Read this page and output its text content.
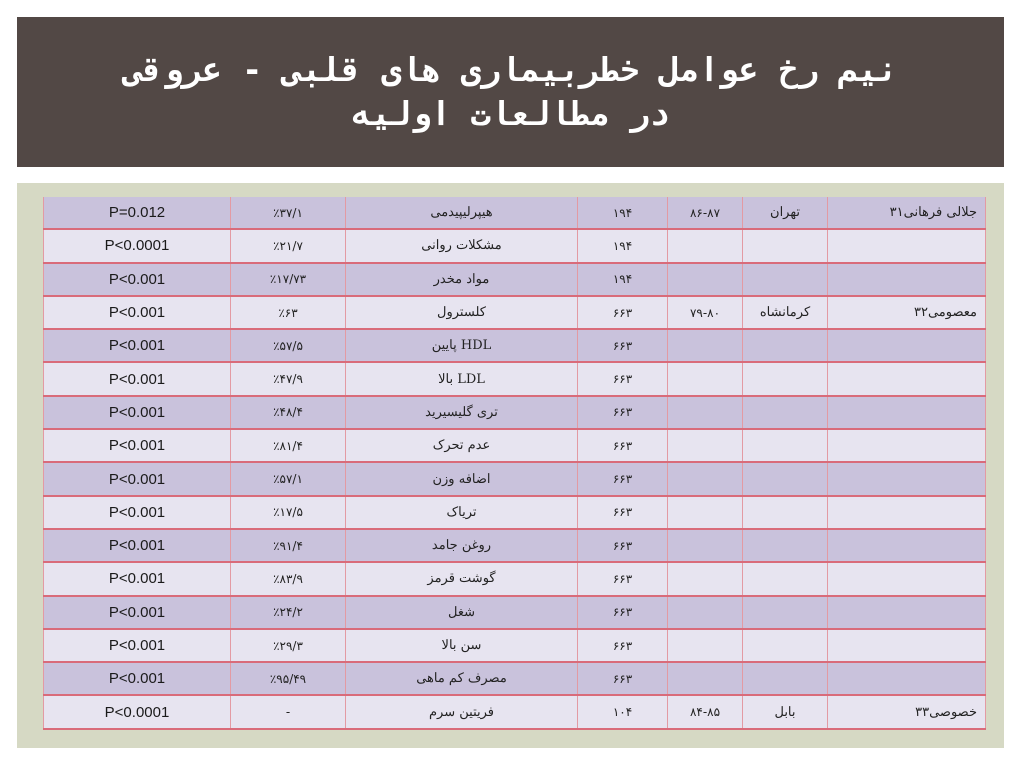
نیم رخ عوامل خطربیماری های قلبی - عروقی
در مطالعات اولیه
P=0.012	٪۳۷/۱	هیپرلیپیدمی	۱۹۴	۸۶-۸۷	تهران	جلالی فرهانی۳۱
P<0.0001	٪۲۱/۷	مشکلات روانی	۱۹۴			
P<0.001	٪۱۷/۷۳	مواد مخدر	۱۹۴			
P<0.001	٪۶۳	کلسترول	۶۶۳	۷۹-۸۰	کرمانشاه	معصومی۳۲
P<0.001	٪۵۷/۵	HDL پایین	۶۶۳			
P<0.001	٪۴۷/۹	LDL بالا	۶۶۳			
P<0.001	٪۴۸/۴	تری گلیسیرید	۶۶۳			
P<0.001	٪۸۱/۴	عدم تحرک	۶۶۳			
P<0.001	٪۵۷/۱	اضافه وزن	۶۶۳			
P<0.001	٪۱۷/۵	تریاک	۶۶۳			
P<0.001	٪۹۱/۴	روغن جامد	۶۶۳			
P<0.001	٪۸۳/۹	گوشت قرمز	۶۶۳			
P<0.001	٪۲۴/۲	شغل	۶۶۳			
P<0.001	٪۲۹/۳	سن بالا	۶۶۳			
P<0.001	٪۹۵/۴۹	مصرف کم ماهی	۶۶۳			
P<0.0001	-	فریتین سرم	۱۰۴	۸۴-۸۵	بابل	خصوصی۳۳
